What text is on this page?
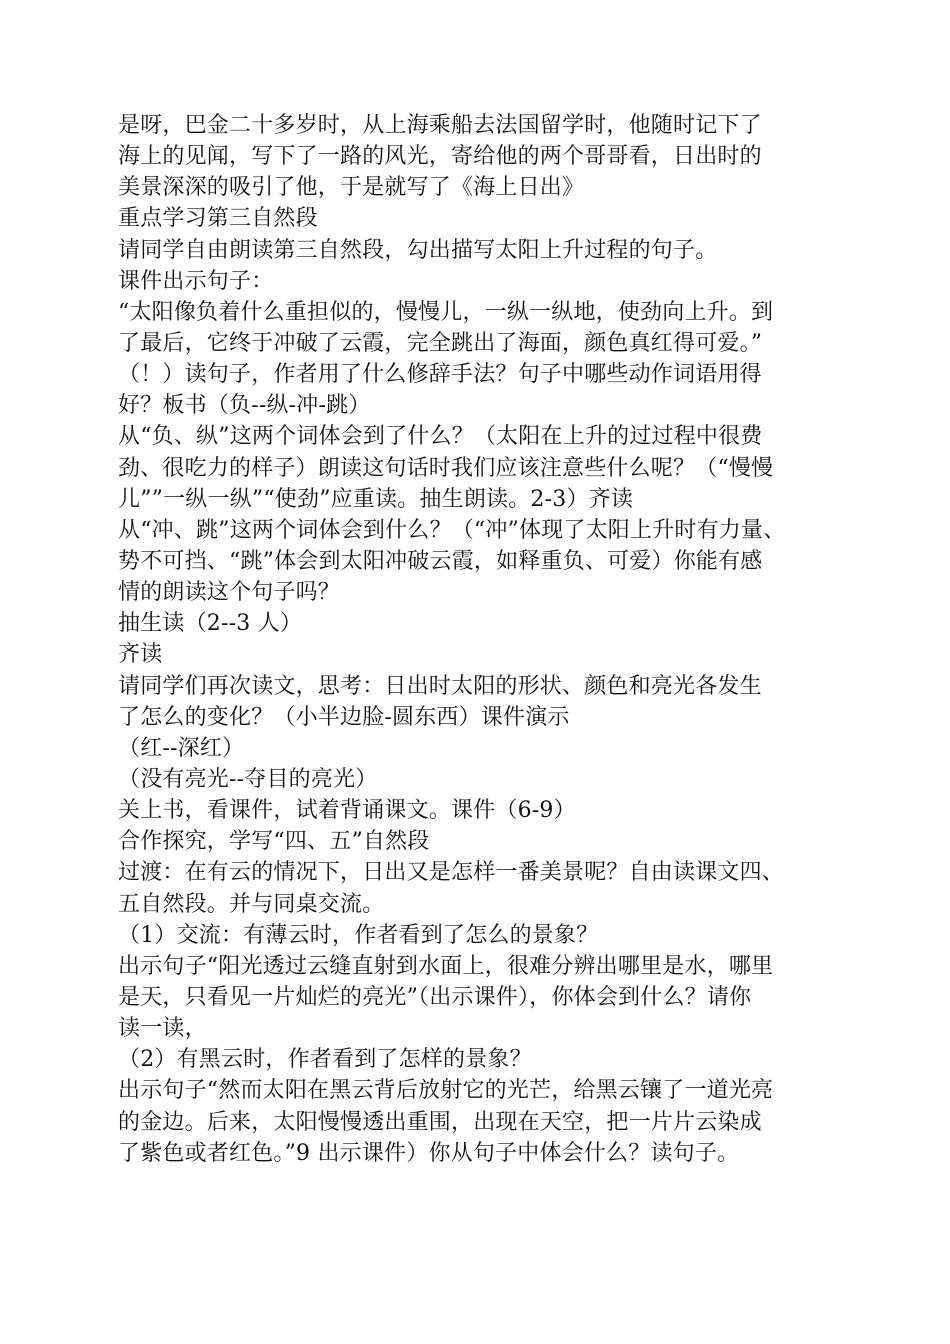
是呀，巴金二十多岁时，从上海乘船去法国留学时，他随时记下了
海上的见闻，写下了一路的风光，寄给他的两个哥哥看，日出时的
美景深深的吸引了他，于是就写了《海上日出》
重点学习第三自然段
请同学自由朗读第三自然段，勾出描写太阳上升过程的句子。
课件出示句子：
“太阳像负着什么重担似的，慢慢儿，一纵一纵地，使劲向上升。到
了最后，它终于冲破了云霞，完全跳出了海面，颜色真红得可爱。”
（！）读句子，作者用了什么修辞手法？句子中哪些动作词语用得
好？板书（负--纵-冲-跳）
从“负、纵”这两个词体会到了什么？（太阳在上升的过过程中很费
劲、很吃力的样子）朗读这句话时我们应该注意些什么呢？（“慢慢
儿””一纵一纵”“使劲”应重读。抽生朗读。2-3）齐读
从“冲、跳”这两个词体会到什么？（“冲”体现了太阳上升时有力量、
势不可挡、“跳”体会到太阳冲破云霞，如释重负、可爱）你能有感
情的朗读这个句子吗？
抽生读（2--3 人）
齐读
请同学们再次读文，思考：日出时太阳的形状、颜色和亮光各发生
了怎么的变化？（小半边脸-圆东西）课件演示
（红--深红）
（没有亮光--夺目的亮光）
关上书，看课件，试着背诵课文。课件（6-9）
合作探究，学写“四、五”自然段
过渡：在有云的情况下，日出又是怎样一番美景呢？自由读课文四、
五自然段。并与同桌交流。
（1）交流：有薄云时，作者看到了怎么的景象？
出示句子“阳光透过云缝直射到水面上，很难分辨出哪里是水，哪里
是天，只看见一片灿烂的亮光”（出示课件），你体会到什么？请你
读一读，
（2）有黑云时，作者看到了怎样的景象？
出示句子“然而太阳在黑云背后放射它的光芒，给黑云镶了一道光亮
的金边。后来，太阳慢慢透出重围，出现在天空，把一片片云染成
了紫色或者红色。”9 出示课件）你从句子中体会什么？读句子。
